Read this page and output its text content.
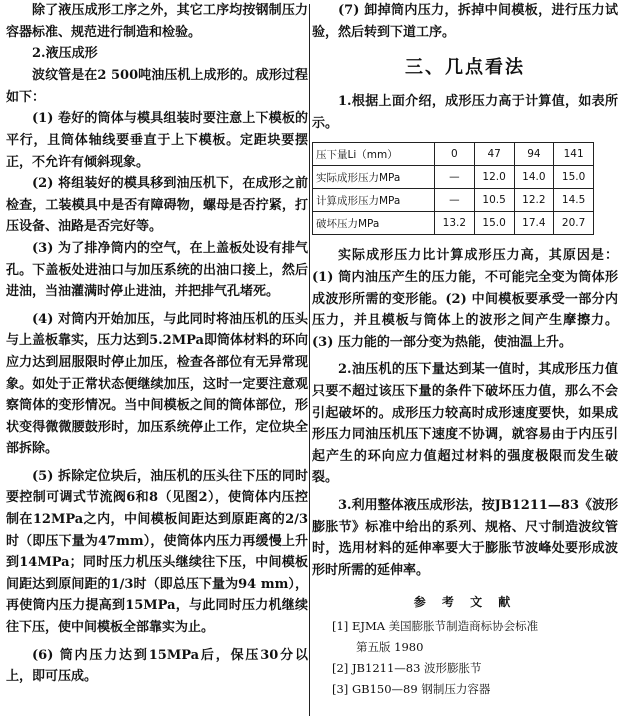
除了液压成形工序之外，其它工序均按钢制压力容器标准、规范进行制造和检验。

2.液压成形

波纹管是在2 500吨油压机上成形的。成形过程如下：

(1) 卷好的筒体与模具组装时要注意上下模板的平行，且筒体轴线要垂直于上下模板。定距块要摆正，不允许有倾斜现象。

(2) 将组装好的模具移到油压机下，在成形之前检查，工装模具中是否有障碍物，螺母是否拧紧，打压设备、油路是否完好等。

(3) 为了排净筒内的空气，在上盖板处设有排气孔。下盖板处进油口与加压系统的出油口接上，然后进油，当油灌满时停止进油，并把排气孔堵死。

(4) 对筒内开始加压，与此同时将油压机的压头与上盖板靠实，压力达到5.2MPa即筒体材料的环向应力达到屈服限时停止加压，检查各部位有无异常现象。如处于正常状态便继续加压，这时一定要注意观察筒体的变形情况。当中间模板之间的筒体部位，形状变得微微腰鼓形时，加压系统停止工作，定位块全部拆除。

(5) 拆除定位块后，油压机的压头往下压的同时要控制可调式节流阀6和8（见图2），使筒体内压控制在12MPa之内，中间模板间距达到原距离的2/3时（即压下量为47mm），使筒体内压力再缓慢上升到14MPa；同时压力机压头继续往下压，中间模板间距达到原间距的1/3时（即总压下量为94 mm），再使筒内压力提高到15MPa，与此同时压力机继续往下压，使中间模板全部靠实为止。

(6) 筒内压力达到15MPa后，保压30分以上，即可压成。

(7) 卸掉筒内压力，拆掉中间模板，进行压力试验，然后转到下道工序。

三、几点看法

1.根据上面介绍，成形压力高于计算值，如表所示。

压下量Li（mm）	0	47	94	141
实际成形压力MPa	—	12.0	14.0	15.0
计算成形压力MPa	—	10.5	12.2	14.5
破坏压力MPa	13.2	15.0	17.4	20.7

实际成形压力比计算成形压力高，其原因是：(1) 筒内油压产生的压力能，不可能完全变为筒体形成波形所需的变形能。(2) 中间模板要承受一部分内压力，并且模板与筒体上的波形之间产生摩擦力。(3) 压力能的一部分变为热能，使油温上升。

2.油压机的压下量达到某一值时，其成形压力值只要不超过该压下量的条件下破坏压力值，那么不会引起破坏的。成形压力较高时成形速度要快，如果成形压力同油压机压下速度不协调，就容易由于内压引起产生的环向应力值超过材料的强度极限而发生破裂。

3.利用整体液压成形法，按JB1211—83《波形膨胀节》标准中给出的系列、规格、尺寸制造波纹管时，选用材料的延伸率要大于膨胀节波峰处要形成波形时所需的延伸率。

参 考 文 献
[1] EJMA 美国膨胀节制造商标协会标准
第五版 1980
[2] JB1211—83 波形膨胀节
[3] GB150—89 钢制压力容器
